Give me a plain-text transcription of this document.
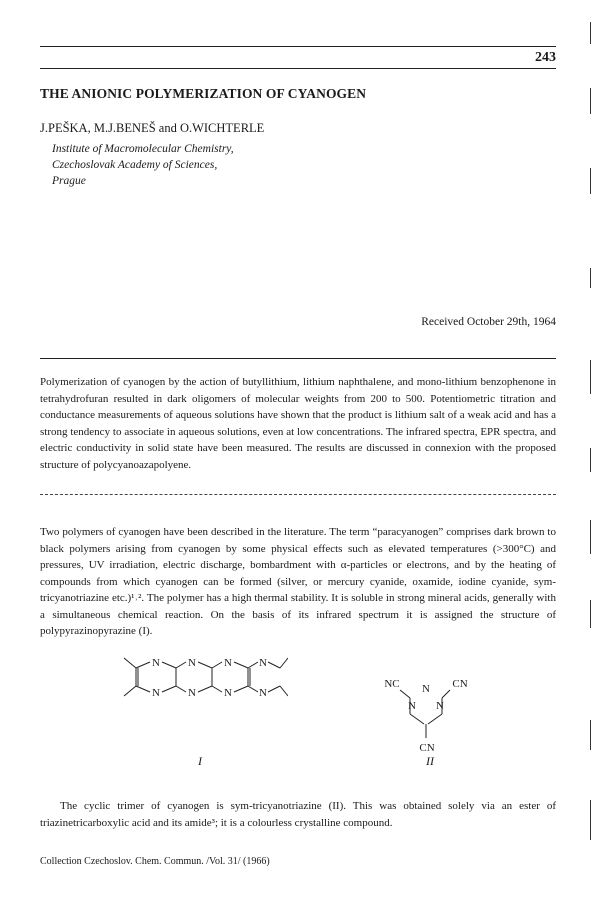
243
THE ANIONIC POLYMERIZATION OF CYANOGEN
J.PEŠKA, M.J.BENEŠ and O.WICHTERLE
Institute of Macromolecular Chemistry,
Czechoslovak Academy of Sciences,
Prague
Received October 29th, 1964
Polymerization of cyanogen by the action of butyllithium, lithium naphthalene, and mono-lithium benzophenone in tetrahydrofuran resulted in dark oligomers of molecular weights from 200 to 500. Potentiometric titration and conductance measurements of aqueous solutions have shown that the product is lithium salt of a weak acid and has a strong tendency to associate in aqueous solutions, even at low concentrations. The infrared spectra, EPR spectra, and electric conductivity in solid state have been measured. The results are discussed in connexion with the proposed structure of polycyanoazapolyene.
Two polymers of cyanogen have been described in the literature. The term “paracyanogen” comprises dark brown to black polymers arising from cyanogen by some physical effects such as elevated temperatures (>300°C) and pressures, UV irradiation, electric discharge, bombardment with α-particles or electrons, and by the heating of compounds from which cyanogen can be formed (silver, or mercury cyanide, oxamide, iodine cyanide, sym-tricyanotriazine etc.)¹˒². The polymer has a high thermal stability. It is soluble in strong mineral acids, generally with a simultaneous chemical reaction. On the basis of its infrared spectrum it is assigned the structure of polypyrazinopyrazine (I).
N
N
N
N
N
N
N
N
I
NC N CN
N N
CN
II
The cyclic trimer of cyanogen is sym-tricyanotriazine (II). This was obtained solely via an ester of triazinetricarboxylic acid and its amide³; it is a colourless crystalline compound.
Collection Czechoslov. Chem. Commun. /Vol. 31/ (1966)
